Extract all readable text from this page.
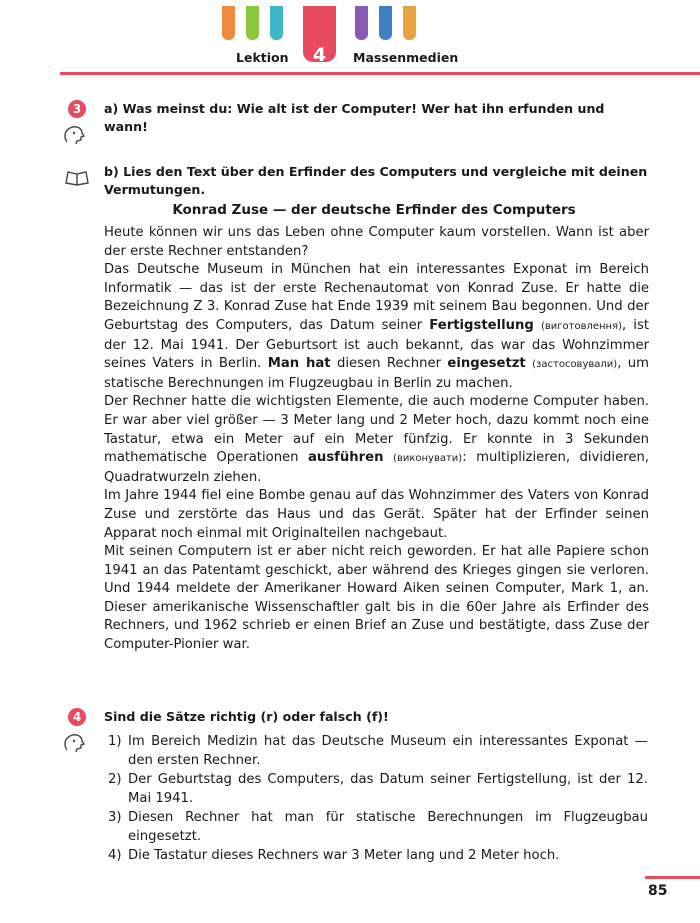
4
Lektion	Massenmedien
3	a) Was meinst du: Wie alt ist der Computer! Wer hat ihn erfunden und wann!
b) Lies den Text über den Erfinder des Computers und vergleiche mit deinen Vermutungen.
Konrad Zuse — der deutsche Erfinder des Computers

Heute können wir uns das Leben ohne Computer kaum vorstellen. Wann ist aber der erste Rechner entstanden?

Das Deutsche Museum in München hat ein interessantes Exponat im Bereich Informatik — das ist der erste Rechenautomat von Konrad Zuse. Er hatte die Bezeichnung Z 3. Konrad Zuse hat Ende 1939 mit seinem Bau begonnen. Und der Geburtstag des Computers, das Datum seiner Fertigstellung (виготовлення), ist der 12. Mai 1941. Der Geburtsort ist auch bekannt, das war das Wohnzimmer seines Vaters in Berlin. Man hat diesen Rechner eingesetzt (застосовували), um statische Berechnungen im Flugzeugbau in Berlin zu machen.

Der Rechner hatte die wichtigsten Elemente, die auch moderne Computer haben. Er war aber viel größer — 3 Meter lang und 2 Meter hoch, dazu kommt noch eine Tastatur, etwa ein Meter auf ein Meter fünfzig. Er konnte in 3 Sekunden mathematische Operationen ausführen (виконувати): multiplizieren, dividieren, Quadratwurzeln ziehen.

Im Jahre 1944 fiel eine Bombe genau auf das Wohnzimmer des Vaters von Konrad Zuse und zerstörte das Haus und das Gerät. Später hat der Erfinder seinen Apparat noch einmal mit Originalteilen nachgebaut.

Mit seinen Computern ist er aber nicht reich geworden. Er hat alle Papiere schon 1941 an das Patentamt geschickt, aber während des Krieges gingen sie verloren. Und 1944 meldete der Amerikaner Howard Aiken seinen Computer, Mark 1, an. Dieser amerikanische Wissenschaftler galt bis in die 60er Jahre als Erfinder des Rechners, und 1962 schrieb er einen Brief an Zuse und bestätigte, dass Zuse der Computer-Pionier war.

4	Sind die Sätze richtig (r) oder falsch (f)!
1) Im Bereich Medizin hat das Deutsche Museum ein interessantes Exponat — den ersten Rechner.
2) Der Geburtstag des Computers, das Datum seiner Fertigstellung, ist der 12. Mai 1941.
3) Diesen Rechner hat man für statische Berechnungen im Flugzeugbau eingesetzt.
4) Die Tastatur dieses Rechners war 3 Meter lang und 2 Meter hoch.
85
